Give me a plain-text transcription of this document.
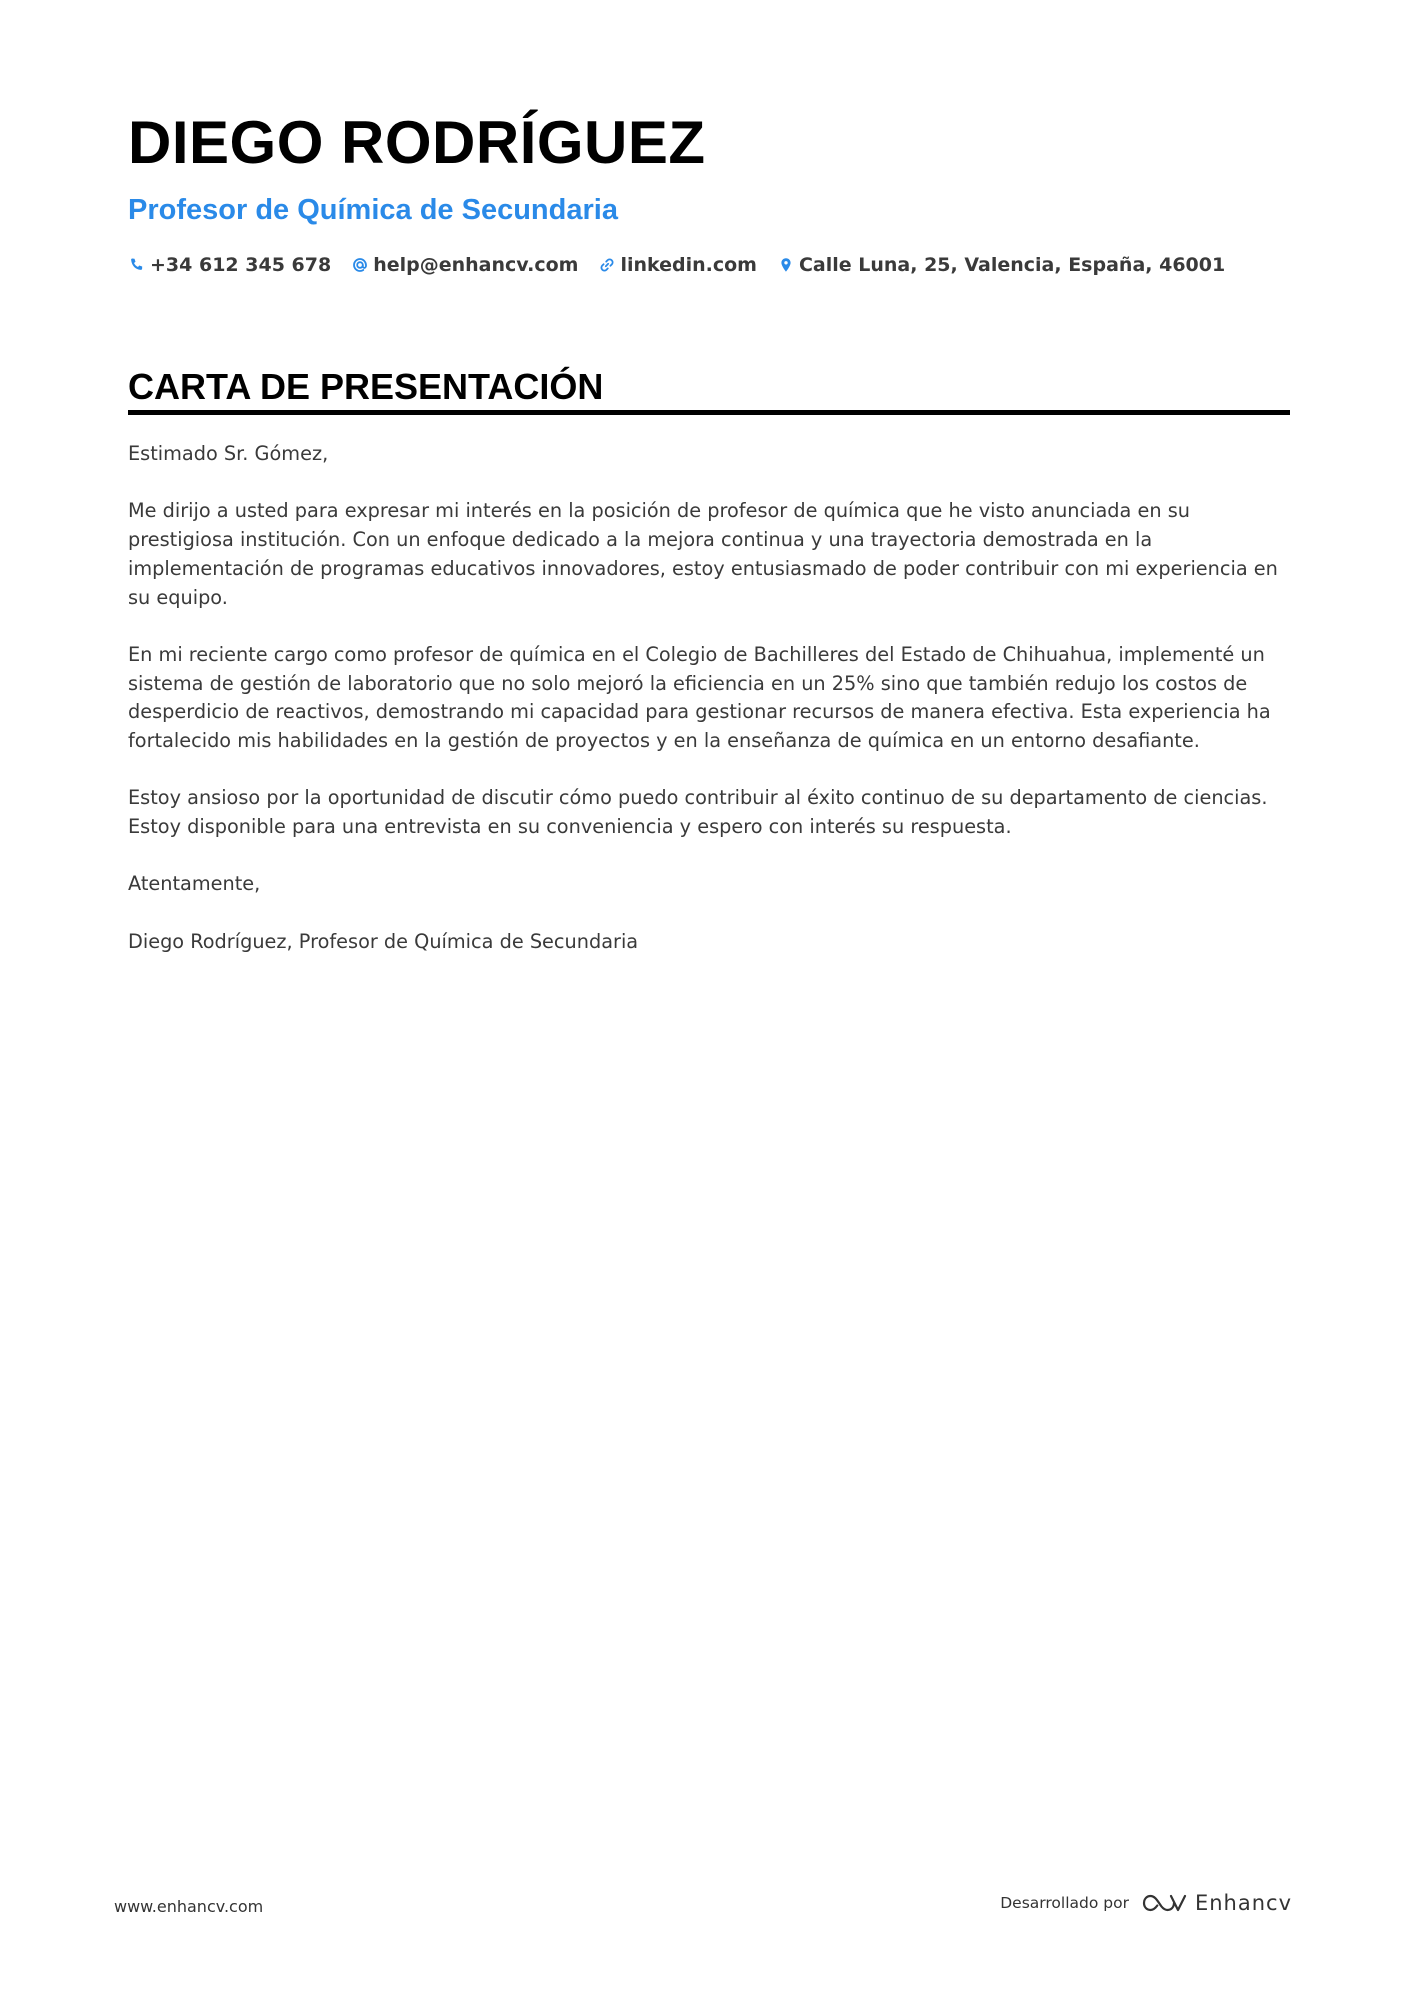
DIEGO RODRÍGUEZ
Profesor de Química de Secundaria
+34 612 345 678 help@enhancv.com linkedin.com Calle Luna, 25, Valencia, España, 46001
CARTA DE PRESENTACIÓN

Estimado Sr. Gómez,

Me dirijo a usted para expresar mi interés en la posición de profesor de química que he visto anunciada en su prestigiosa institución. Con un enfoque dedicado a la mejora continua y una trayectoria demostrada en la implementación de programas educativos innovadores, estoy entusiasmado de poder contribuir con mi experiencia en su equipo.

En mi reciente cargo como profesor de química en el Colegio de Bachilleres del Estado de Chihuahua, implementé un sistema de gestión de laboratorio que no solo mejoró la eficiencia en un 25% sino que también redujo los costos de desperdicio de reactivos, demostrando mi capacidad para gestionar recursos de manera efectiva. Esta experiencia ha fortalecido mis habilidades en la gestión de proyectos y en la enseñanza de química en un entorno desafiante.

Estoy ansioso por la oportunidad de discutir cómo puedo contribuir al éxito continuo de su departamento de ciencias. Estoy disponible para una entrevista en su conveniencia y espero con interés su respuesta.

Atentamente,

Diego Rodríguez, Profesor de Química de Secundaria

www.enhancv.com	Desarrollado por	Enhancv
